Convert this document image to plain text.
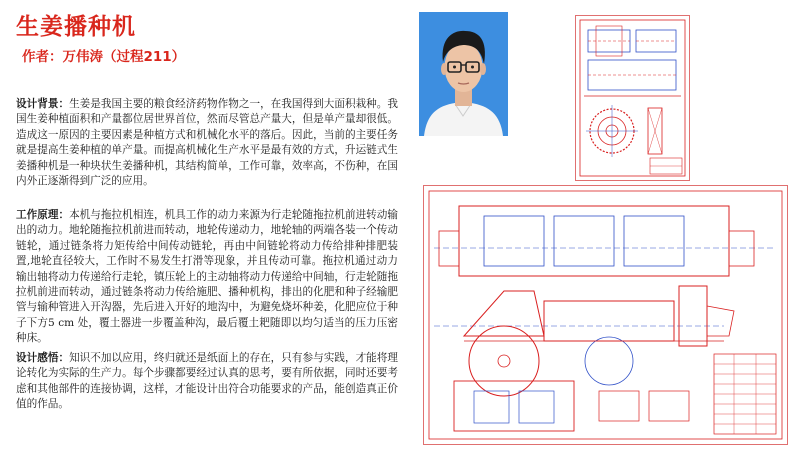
生姜播种机
作者：万伟涛（过程211）
设计背景：生姜是我国主要的粮食经济药物作物之一，在我国得到大面积栽种。我国生姜种植面积和产量都位居世界首位，然而尽管总产量大，但是单产量却很低。造成这一原因的主要因素是种植方式和机械化水平的落后。因此，当前的主要任务就是提高生姜种植的单产量。而提高机械化生产水平是最有效的方式，升运链式生姜播种机是一种块状生姜播种机，其结构简单，工作可靠，效率高，不伤种，在国内外正逐渐得到广泛的应用。
工作原理：本机与拖拉机相连，机具工作的动力来源为行走轮随拖拉机前进转动输出的动力。地轮随拖拉机前进而转动，地轮传递动力，地轮轴的两端各装一个传动链轮，通过链条将力矩传给中间传动链轮，再由中间链轮将动力传给排种排肥装置,地轮直径较大，工作时不易发生打滑等现象，并且传动可靠。拖拉机通过动力输出轴将动力传递给行走轮，镇压轮上的主动轴将动力传递给中间轴，行走轮随拖拉机前进而转动，通过链条将动力传给施肥、播种机构，排出的化肥和种子经输肥管与输种管进入开沟器，先后进入开好的地沟中，为避免烧坏种姜，化肥应位于种子下方5 cm 处，覆土器进一步覆盖种沟，最后覆土耙随即以均匀适当的压力压密种床。
设计感悟：知识不加以应用，终归就还是纸面上的存在，只有参与实践，才能将理论转化为实际的生产力。每个步骤都要经过认真的思考，要有所依据，同时还要考虑和其他部件的连接协调，这样，才能设计出符合功能要求的产品，能创造真正价值的作品。
